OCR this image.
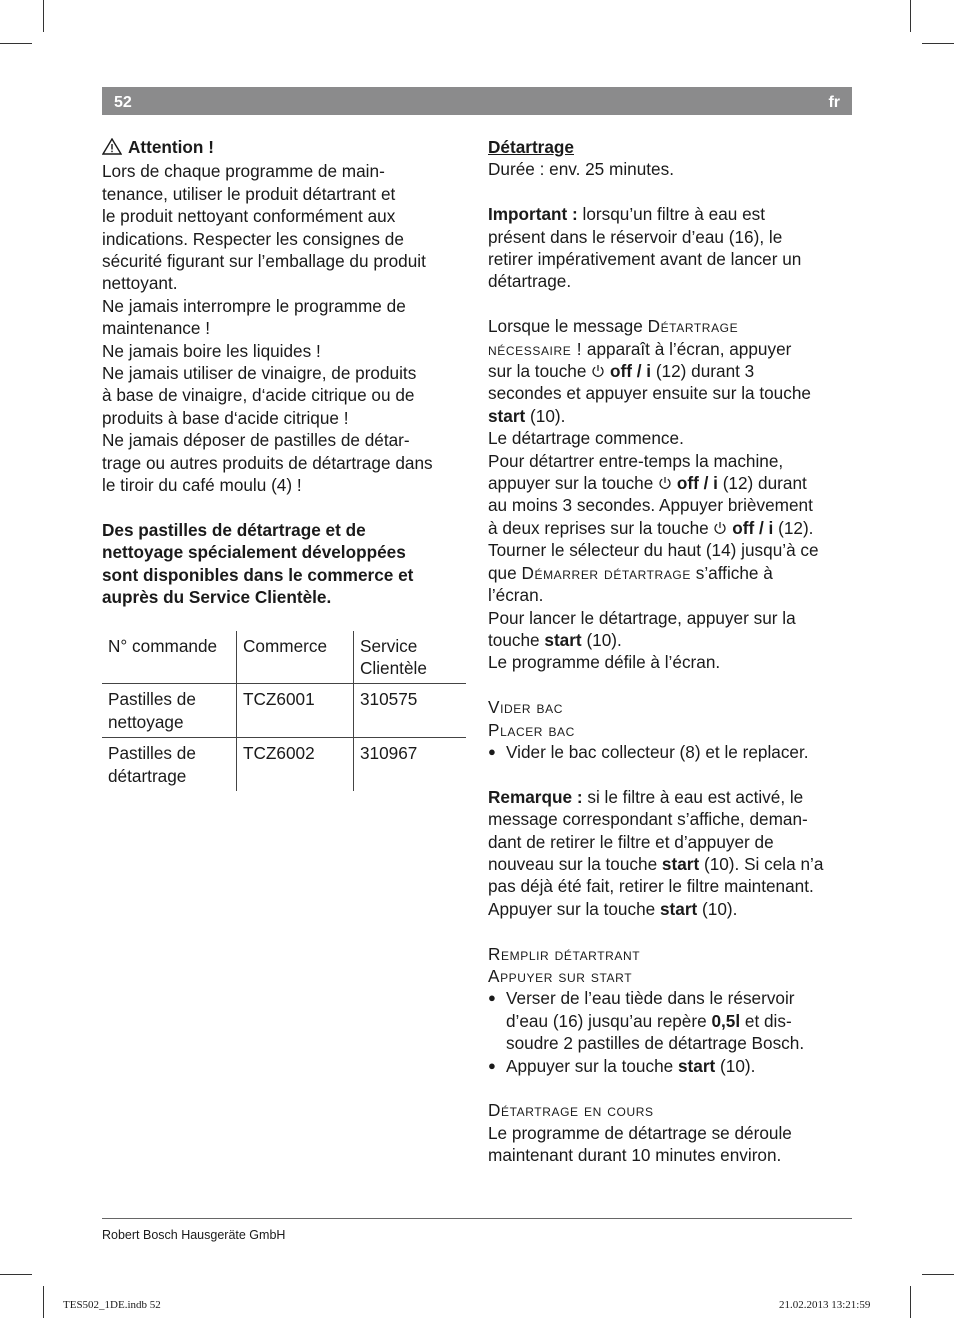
52	fr

Attention !

Lors de chaque programme de main-

tenance, utiliser le produit détartrant et

le produit nettoyant conformément aux

indications. Respecter les consignes de

sécurité figurant sur l’emballage du produit

nettoyant.

Ne jamais interrompre le programme de

maintenance !

Ne jamais boire les liquides !

Ne jamais utiliser de vinaigre, de produits

à base de vinaigre, d‘acide citrique ou de

produits à base d‘acide citrique !

Ne jamais déposer de pastilles de détar-

trage ou autres produits de détartrage dans

le tiroir du café moulu (4) !

Des pastilles de détartrage et de

nettoyage spécialement développées

sont disponibles dans le commerce et

auprès du Service Clientèle.

N° commande	Commerce	Service Clientèle
Pastilles de nettoyage	TCZ6001	310575
Pastilles de détartrage	TCZ6002	310967

Détartrage

Durée : env. 25 minutes.

Important : lorsqu’un filtre à eau est

présent dans le réservoir d’eau (16), le

retirer impérativement avant de lancer un

détartrage.

Lorsque le message Détartrage

nécessaire ! apparaît à l’écran, appuyer

sur la touche off / i (12) durant 3

secondes et appuyer ensuite sur la touche

start (10).

Le détartrage commence.

Pour détartrer entre-temps la machine,

appuyer sur la touche off / i (12) durant

au moins 3 secondes. Appuyer brièvement

à deux reprises sur la touche off / i (12).

Tourner le sélecteur du haut (14) jusqu’à ce

que Démarrer détartrage s’affiche à

l’écran.

Pour lancer le détartrage, appuyer sur la

touche start (10).

Le programme défile à l’écran.

Vider bac

Placer bac

● Vider le bac collecteur (8) et le replacer.

Remarque : si le filtre à eau est activé, le

message correspondant s’affiche, deman-

dant de retirer le filtre et d’appuyer de

nouveau sur la touche start (10). Si cela n’a

pas déjà été fait, retirer le filtre maintenant.

Appuyer sur la touche start (10).

Remplir détartrant

Appuyer sur start

● Verser de l’eau tiède dans le réservoir

d’eau (16) jusqu’au repère 0,5l et dis-

soudre 2 pastilles de détartrage Bosch.

● Appuyer sur la touche start (10).

Détartrage en cours

Le programme de détartrage se déroule

maintenant durant 10 minutes environ.

Robert Bosch Hausgeräte GmbH
TES502_1DE.indb 52	21.02.2013 13:21:59
